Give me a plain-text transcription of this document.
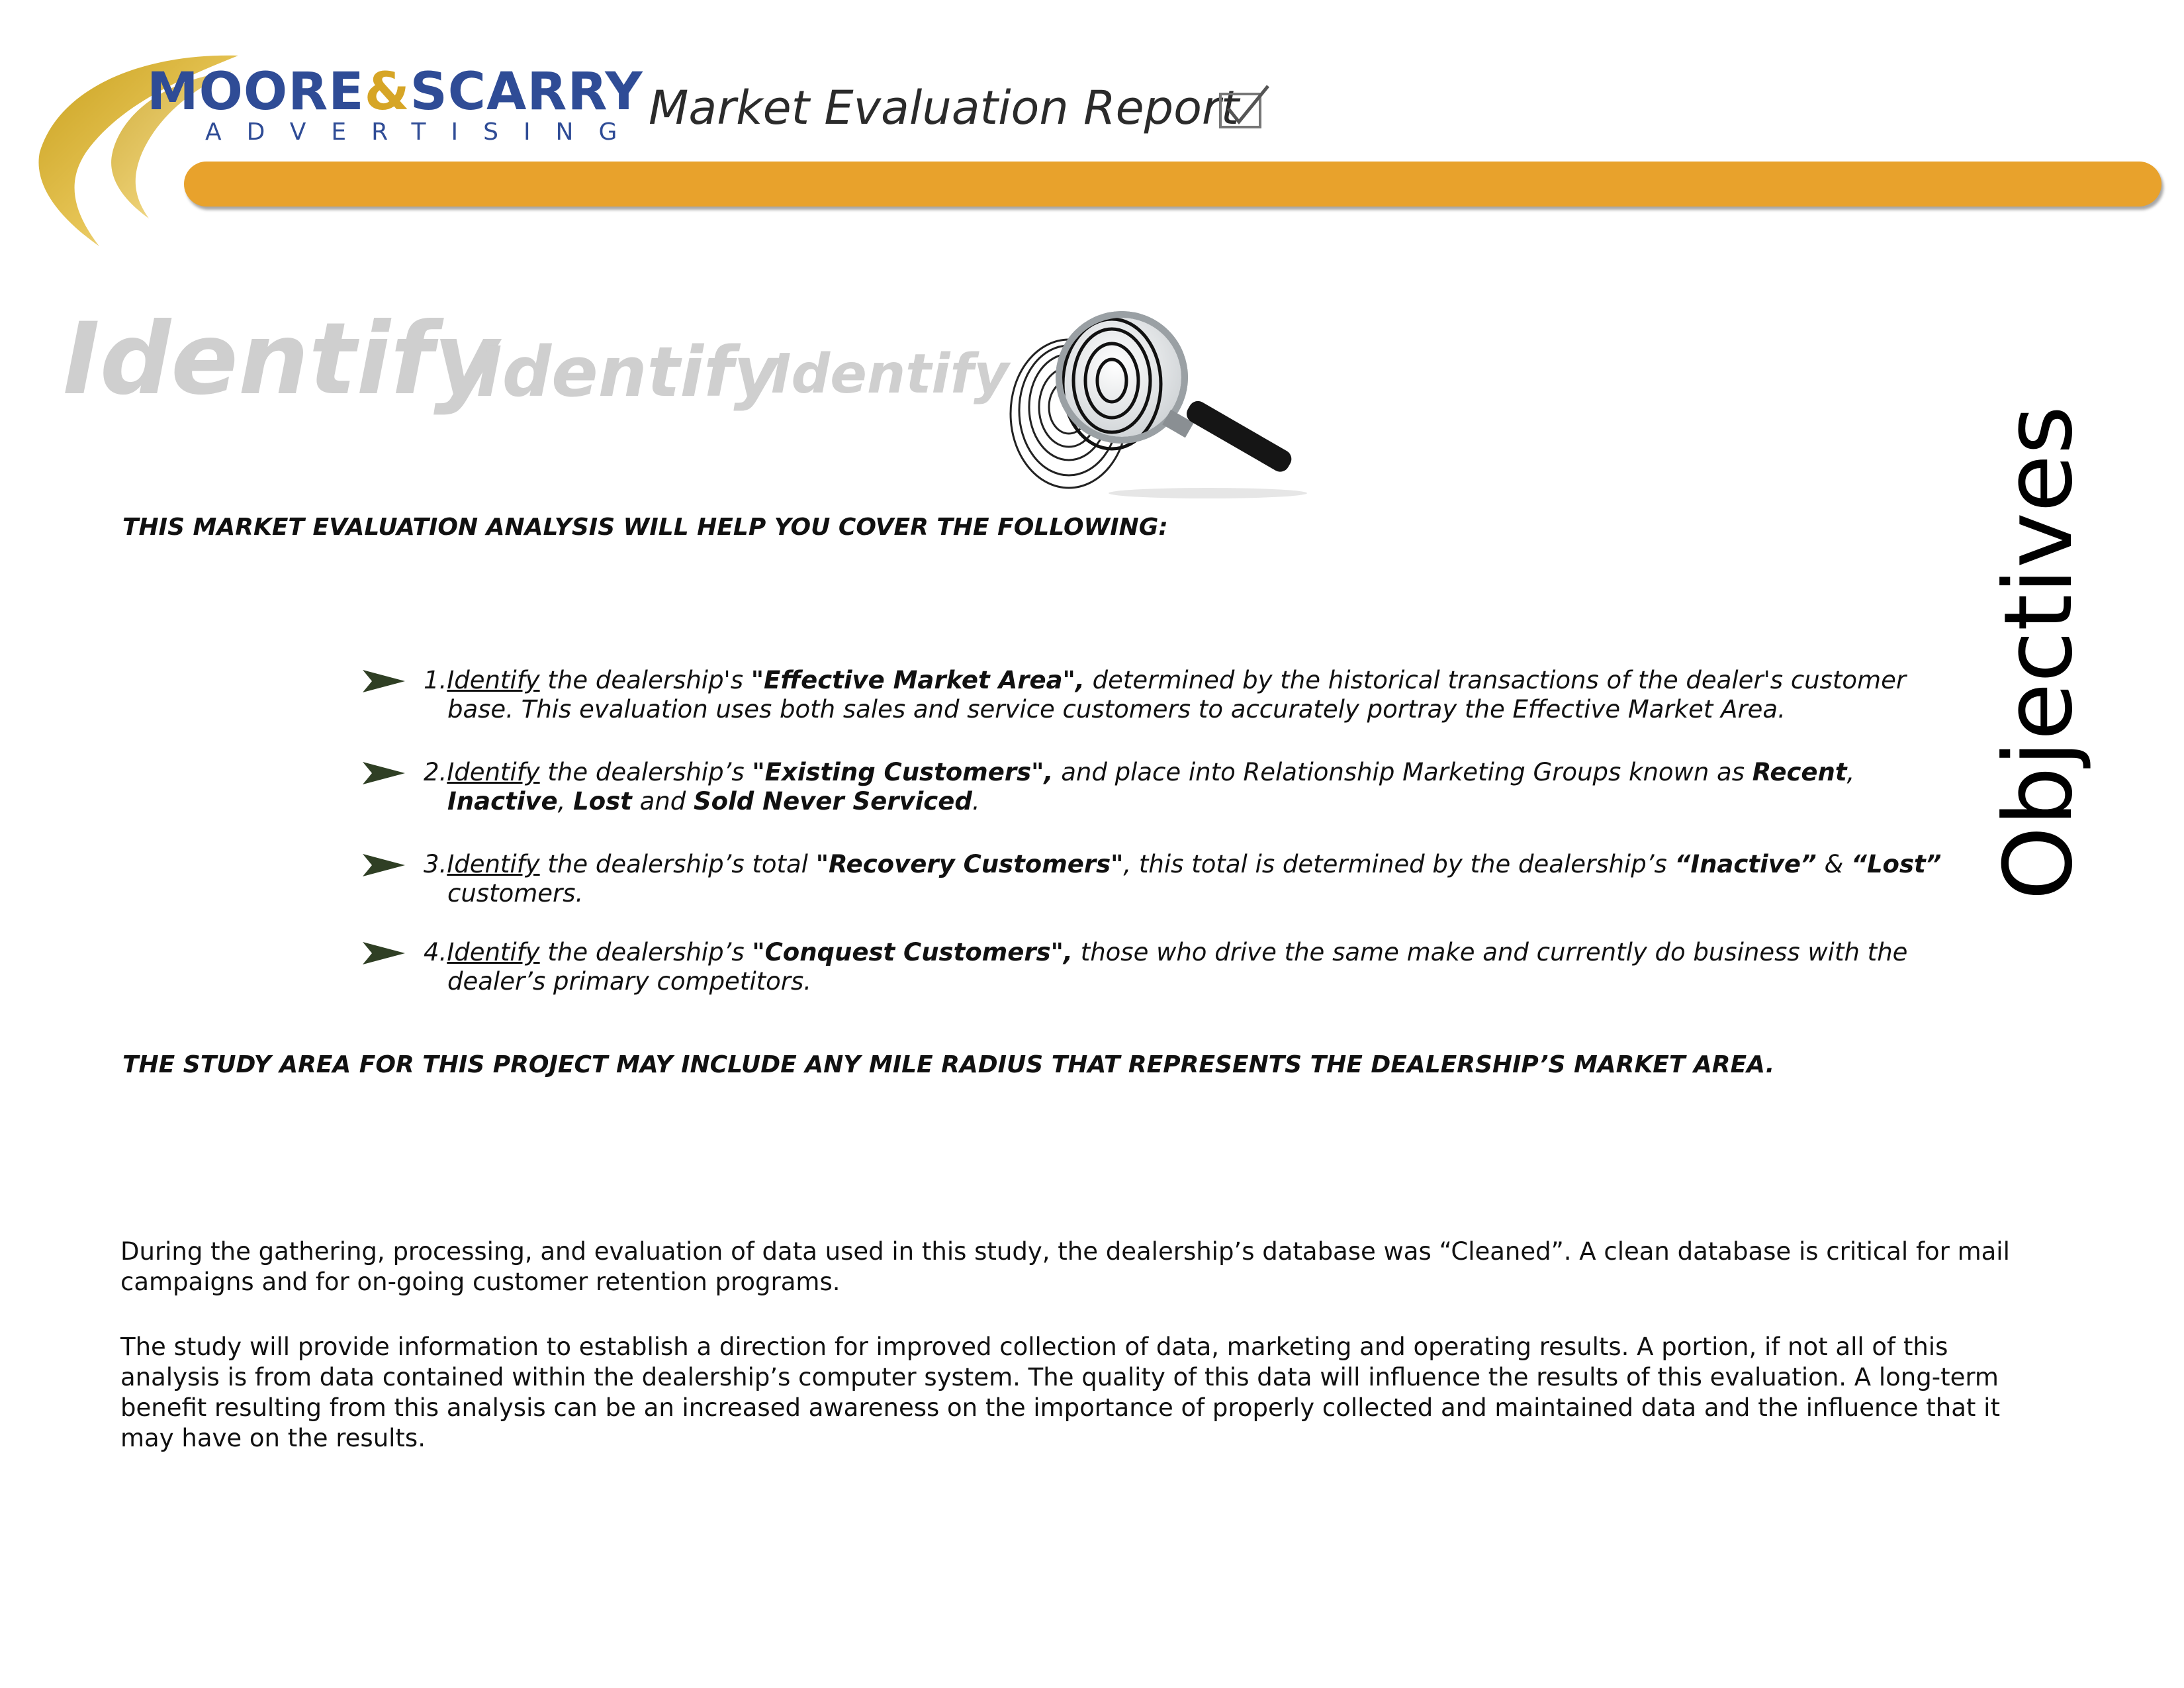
MOORE&SCARRY
ADVERTISING Market Evaluation Report
Identify
Identify
Identify
Objectives
THIS MARKET EVALUATION ANALYSIS WILL HELP YOU COVER THE FOLLOWING:
1.Identify the dealership's "Effective Market Area", determined by the historical transactions of the dealer's customer base. This evaluation uses both sales and service customers to accurately portray the Effective Market Area.
2.Identify the dealership’s "Existing Customers", and place into Relationship Marketing Groups known as Recent, Inactive, Lost and Sold Never Serviced.
3.Identify the dealership’s total "Recovery Customers", this total is determined by the dealership’s “Inactive” & “Lost” customers.
4.Identify the dealership’s "Conquest Customers", those who drive the same make and currently do business with the dealer’s primary competitors.
THE STUDY AREA FOR THIS PROJECT MAY INCLUDE ANY MILE RADIUS THAT REPRESENTS THE DEALERSHIP’S MARKET AREA.
During the gathering, processing, and evaluation of data used in this study, the dealership’s database was “Cleaned”. A clean database is critical for mail campaigns and for on-going customer retention programs.
The study will provide information to establish a direction for improved collection of data, marketing and operating results. A portion, if not all of this analysis is from data contained within the dealership’s computer system. The quality of this data will influence the results of this evaluation. A long-term benefit resulting from this analysis can be an increased awareness on the importance of properly collected and maintained data and the influence that it may have on the results.
